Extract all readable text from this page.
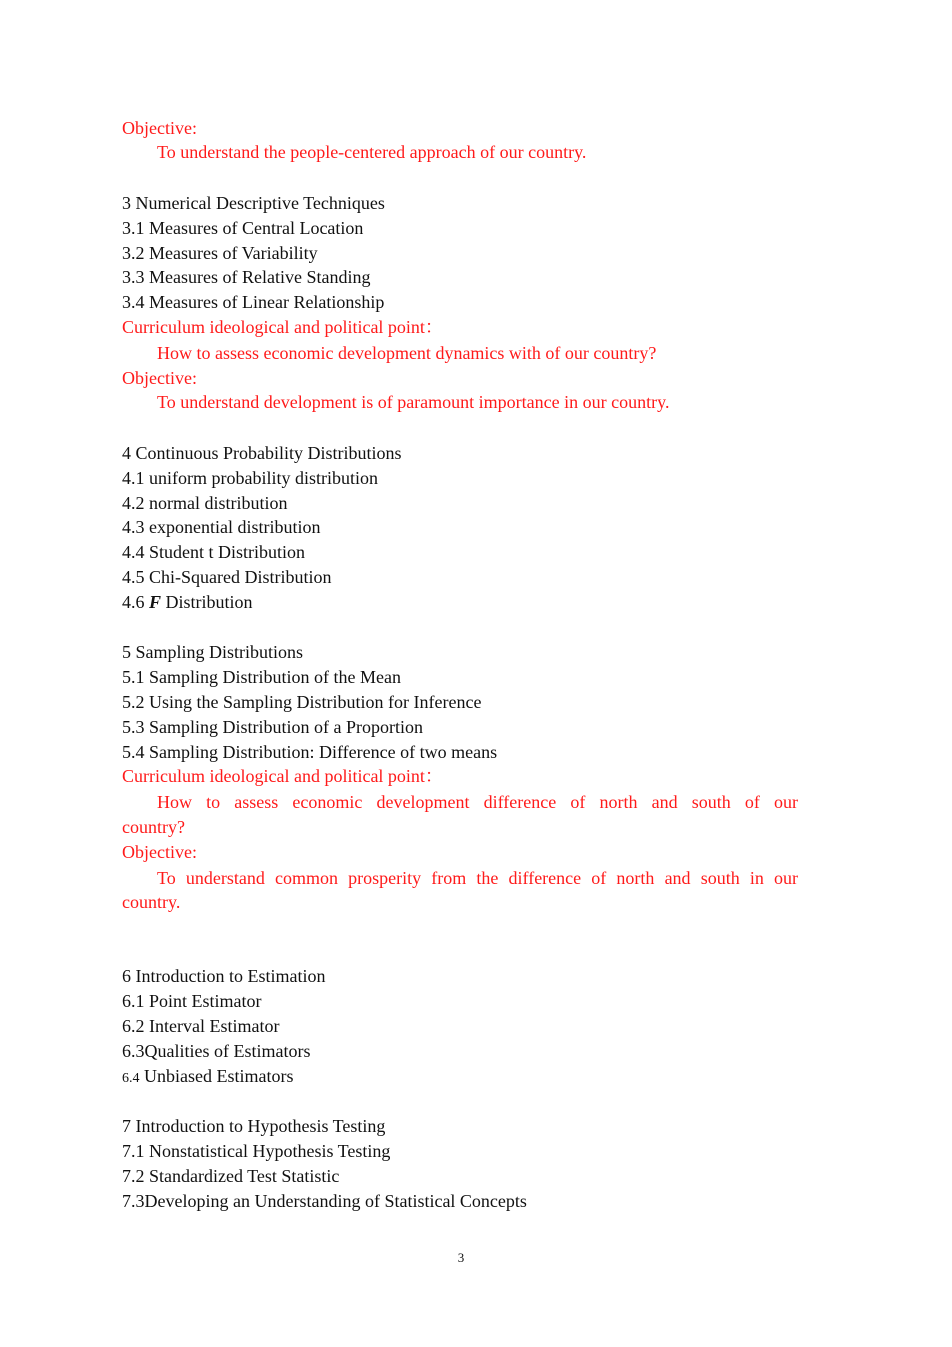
Objective:
To understand the people-centered approach of our country.
3 Numerical Descriptive Techniques
3.1 Measures of Central Location
3.2 Measures of Variability
3.3 Measures of Relative Standing
3.4 Measures of Linear Relationship
Curriculum ideological and political point：
How to assess economic development dynamics with of our country?
Objective:
To understand development is of paramount importance in our country.
4 Continuous Probability Distributions
4.1 uniform probability distribution
4.2 normal distribution
4.3 exponential distribution
4.4 Student t Distribution
4.5 Chi-Squared Distribution
4.6 F Distribution
5 Sampling Distributions
5.1 Sampling Distribution of the Mean
5.2 Using the Sampling Distribution for Inference
5.3 Sampling Distribution of a Proportion
5.4 Sampling Distribution: Difference of two means
Curriculum ideological and political point：
How to assess economic development difference of north and south of our
country?
Objective:
To understand common prosperity from the difference of north and south in our
country.
6 Introduction to Estimation
6.1 Point Estimator
6.2 Interval Estimator
6.3Qualities of Estimators
6.4 Unbiased Estimators
7 Introduction to Hypothesis Testing
7.1 Nonstatistical Hypothesis Testing
7.2 Standardized Test Statistic
7.3Developing an Understanding of Statistical Concepts
3
